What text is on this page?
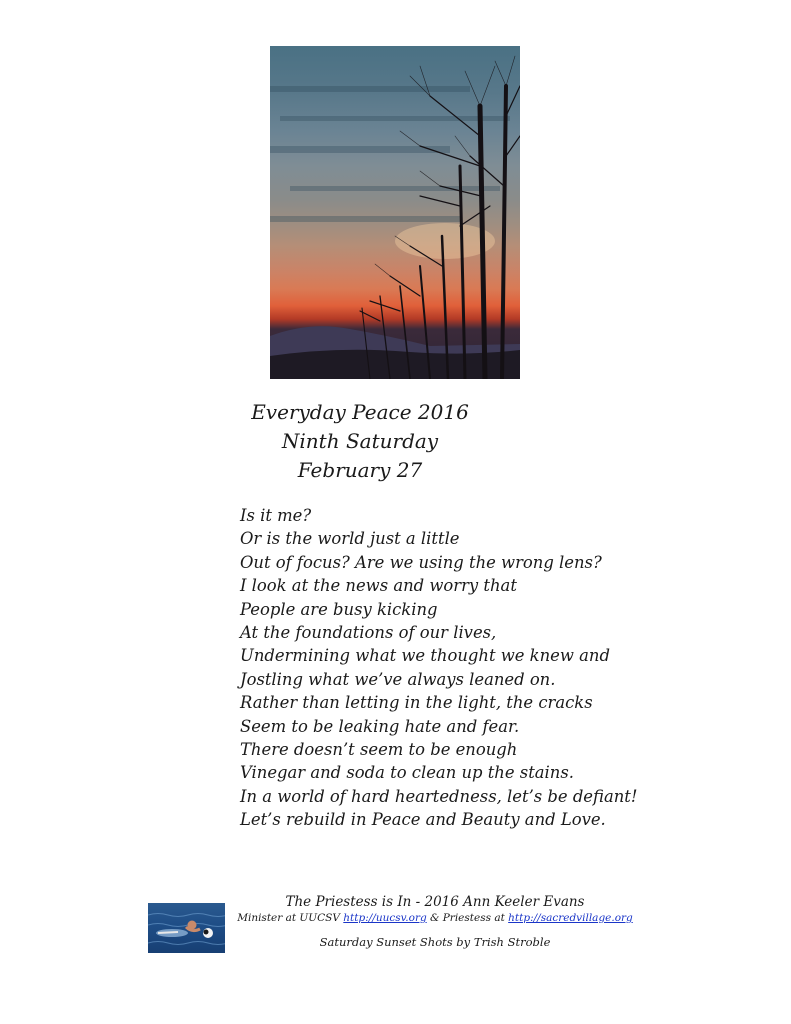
Everyday Peace 2016
Ninth Saturday
February 27
Is it me?
Or is the world just a little
Out of focus? Are we using the wrong lens?
I look at the news and worry that
People are busy kicking
At the foundations of our lives,
Undermining what we thought we knew and
Jostling what we’ve always leaned on.
Rather than letting in the light, the cracks
Seem to be leaking hate and fear.
There doesn’t seem to be enough
Vinegar and soda to clean up the stains.
In a world of hard heartedness, let’s be defiant!
Let’s rebuild in Peace and Beauty and Love.
The Priestess is In - 2016 Ann Keeler Evans
Minister at UUCSV http://uucsv.org & Priestess at http://sacredvillage.org
Saturday Sunset Shots by Trish Stroble
